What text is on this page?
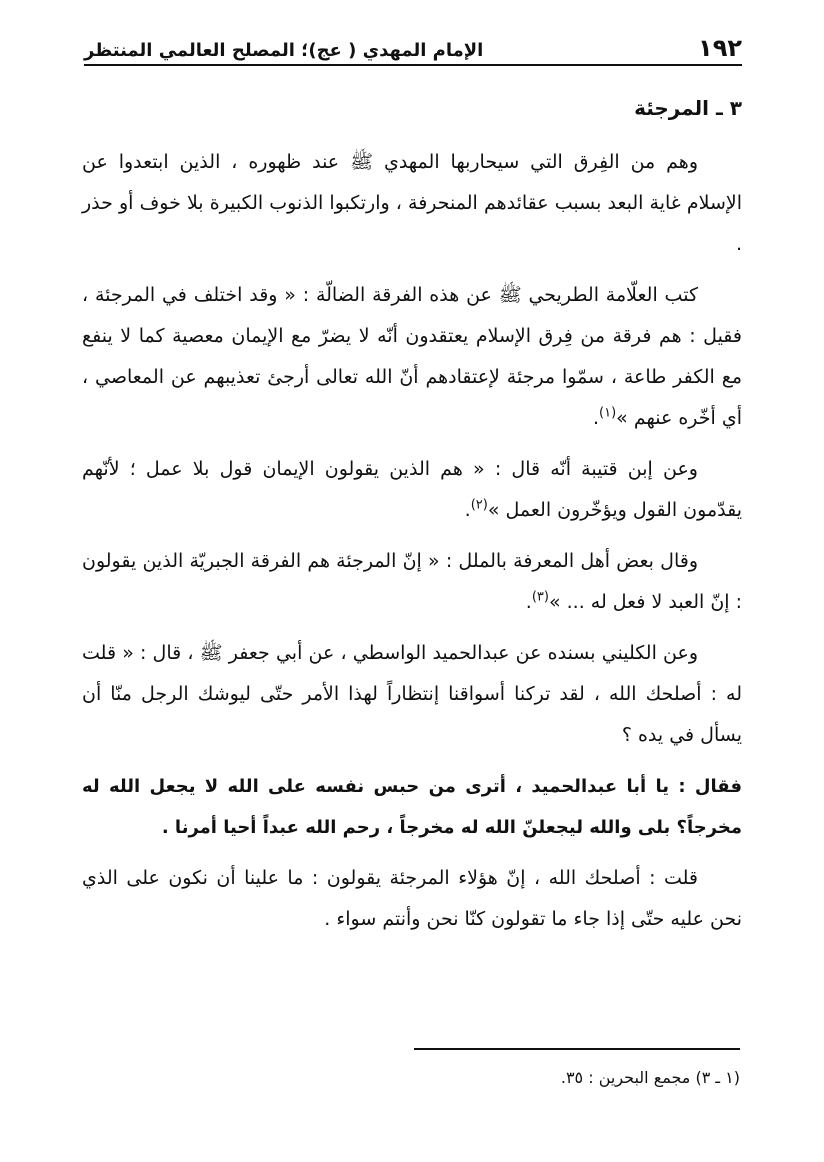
١٩٢
الإمام المهدي ( عج)؛ المصلح العالمي المنتظر
٣ ـ المرجئة

وهم من الفِرق التي سيحاربها المهدي ﷺ عند ظهوره ، الذين ابتعدوا عن الإسلام غاية البعد بسبب عقائدهم المنحرفة ، وارتكبوا الذنوب الكبيرة بلا خوف أو حذر .

كتب العلّامة الطريحي ﷺ عن هذه الفرقة الضالّة : « وقد اختلف في المرجئة ، فقيل : هم فرقة من فِرق الإسلام يعتقدون أنّه لا يضرّ مع الإيمان معصية كما لا ينفع مع الكفر طاعة ، سمّوا مرجئة لإعتقادهم أنّ الله تعالى أرجئ تعذيبهم عن المعاصي ، أي أخّره عنهم »$^{(١)}$.

وعن إبن قتيبة أنّه قال : « هم الذين يقولون الإيمان قول بلا عمل ؛ لأنّهم يقدّمون القول ويؤخّرون العمل »$^{(٢)}$.

وقال بعض أهل المعرفة بالملل : « إنّ المرجئة هم الفرقة الجبريّة الذين يقولون : إنّ العبد لا فعل له ... »$^{(٣)}$.

وعن الكليني بسنده عن عبدالحميد الواسطي ، عن أبي جعفر ﷺ ، قال : « قلت له : أصلحك الله ، لقد تركنا أسواقنا إنتظاراً لهذا الأمر حتّى ليوشك الرجل منّا أن يسأل في يده ؟

فقال : يا أبا عبدالحميد ، أترى من حبس نفسه على الله لا يجعل الله له مخرجاً؟ بلى والله ليجعلنّ الله له مخرجاً ، رحم الله عبداً أحيا أمرنا .

قلت : أصلحك الله ، إنّ هؤلاء المرجئة يقولون : ما علينا أن نكون على الذي نحن عليه حتّى إذا جاء ما تقولون كنّا نحن وأنتم سواء .

(١ ـ ٣) مجمع البحرين : ٣٥.
